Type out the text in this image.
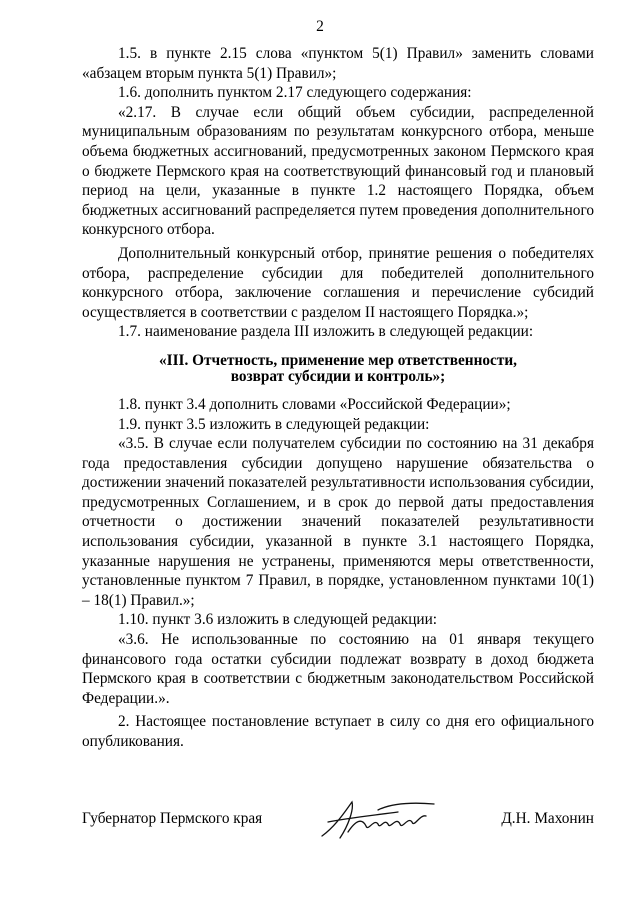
2

1.5. в пункте 2.15 слова «пунктом 5(1) Правил» заменить словами «абзацем вторым пункта 5(1) Правил»;

1.6. дополнить пунктом 2.17 следующего содержания:

«2.17. В случае если общий объем субсидии, распределенной муниципальным образованиям по результатам конкурсного отбора, меньше объема бюджетных ассигнований, предусмотренных законом Пермского края о бюджете Пермского края на соответствующий финансовый год и плановый период на цели, указанные в пункте 1.2 настоящего Порядка, объем бюджетных ассигнований распределяется путем проведения дополнительного конкурсного отбора.

Дополнительный конкурсный отбор, принятие решения о победителях отбора, распределение субсидии для победителей дополнительного конкурсного отбора, заключение соглашения и перечисление субсидий осуществляется в соответствии с разделом II настоящего Порядка.»;

1.7. наименование раздела III изложить в следующей редакции:

«III. Отчетность, применение мер ответственности,
возврат субсидии и контроль»;

1.8. пункт 3.4 дополнить словами «Российской Федерации»;

1.9. пункт 3.5 изложить в следующей редакции:

«3.5. В случае если получателем субсидии по состоянию на 31 декабря года предоставления субсидии допущено нарушение обязательства о достижении значений показателей результативности использования субсидии, предусмотренных Соглашением, и в срок до первой даты предоставления отчетности о достижении значений показателей результативности использования субсидии, указанной в пункте 3.1 настоящего Порядка, указанные нарушения не устранены, применяются меры ответственности, установленные пунктом 7 Правил, в порядке, установленном пунктами 10(1) – 18(1) Правил.»;

1.10. пункт 3.6 изложить в следующей редакции:

«3.6. Не использованные по состоянию на 01 января текущего финансового года остатки субсидии подлежат возврату в доход бюджета Пермского края в соответствии с бюджетным законодательством Российской Федерации.».

2. Настоящее постановление вступает в силу со дня его официального опубликования.

Губернатор Пермского края	Д.Н. Махонин
